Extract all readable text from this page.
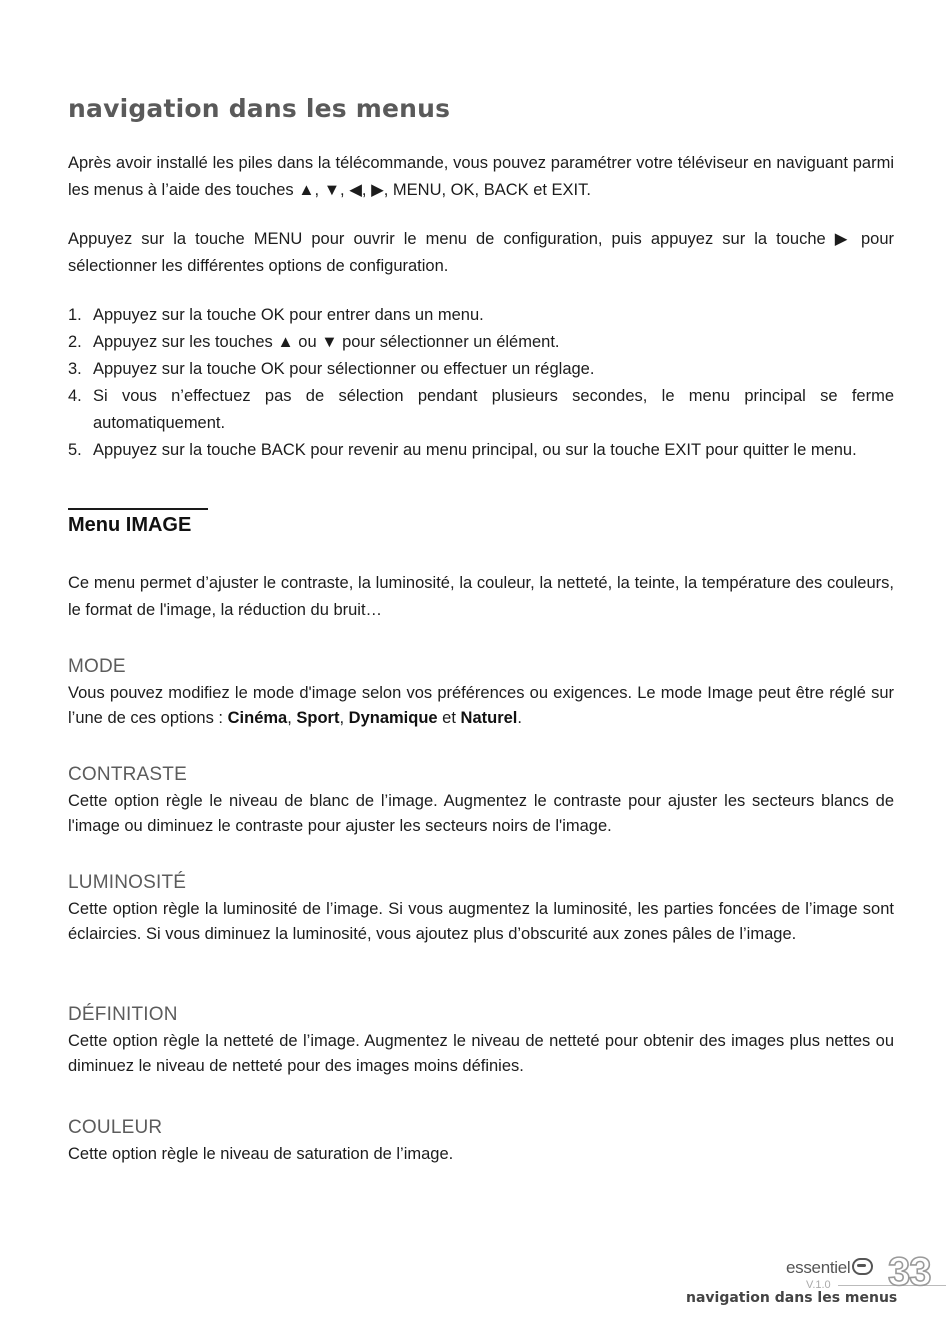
navigation dans les menus

Après avoir installé les piles dans la télécommande, vous pouvez paramétrer votre téléviseur en naviguant parmi les menus à l’aide des touches ▲, ▼, ◀, ▶, MENU, OK, BACK et EXIT.

Appuyez sur la touche MENU pour ouvrir le menu de configuration, puis appuyez sur la touche ▶ pour sélectionner les différentes options de configuration.

1. Appuyez sur la touche OK pour entrer dans un menu.
2. Appuyez sur les touches ▲ ou ▼ pour sélectionner un élément.
3. Appuyez sur la touche OK pour sélectionner ou effectuer un réglage.
4. Si vous n’effectuez pas de sélection pendant plusieurs secondes, le menu principal se ferme automatiquement.
5. Appuyez sur la touche BACK pour revenir au menu principal, ou sur la touche EXIT pour quitter le menu.
Menu IMAGE

Ce menu permet d’ajuster le contraste, la luminosité, la couleur, la netteté, la teinte, la température des couleurs, le format de l'image, la réduction du bruit…

MODE

Vous pouvez modifiez le mode d'image selon vos préférences ou exigences. Le mode Image peut être réglé sur l’une de ces options : Cinéma, Sport, Dynamique et Naturel.

CONTRASTE

Cette option règle le niveau de blanc de l’image. Augmentez le contraste pour ajuster les secteurs blancs de l'image ou diminuez le contraste pour ajuster les secteurs noirs de l'image.

LUMINOSITÉ

Cette option règle la luminosité de l’image. Si vous augmentez la luminosité, les parties foncées de l’image sont éclaircies. Si vous diminuez la luminosité, vous ajoutez plus d’obscurité aux zones pâles de l’image.

DÉFINITION

Cette option règle la netteté de l’image. Augmentez le niveau de netteté pour obtenir des images plus nettes ou diminuez le niveau de netteté pour des images moins définies.

COULEUR

Cette option règle le niveau de saturation de l’image.

essentiel
V.1.0 33
navigation dans les menus
